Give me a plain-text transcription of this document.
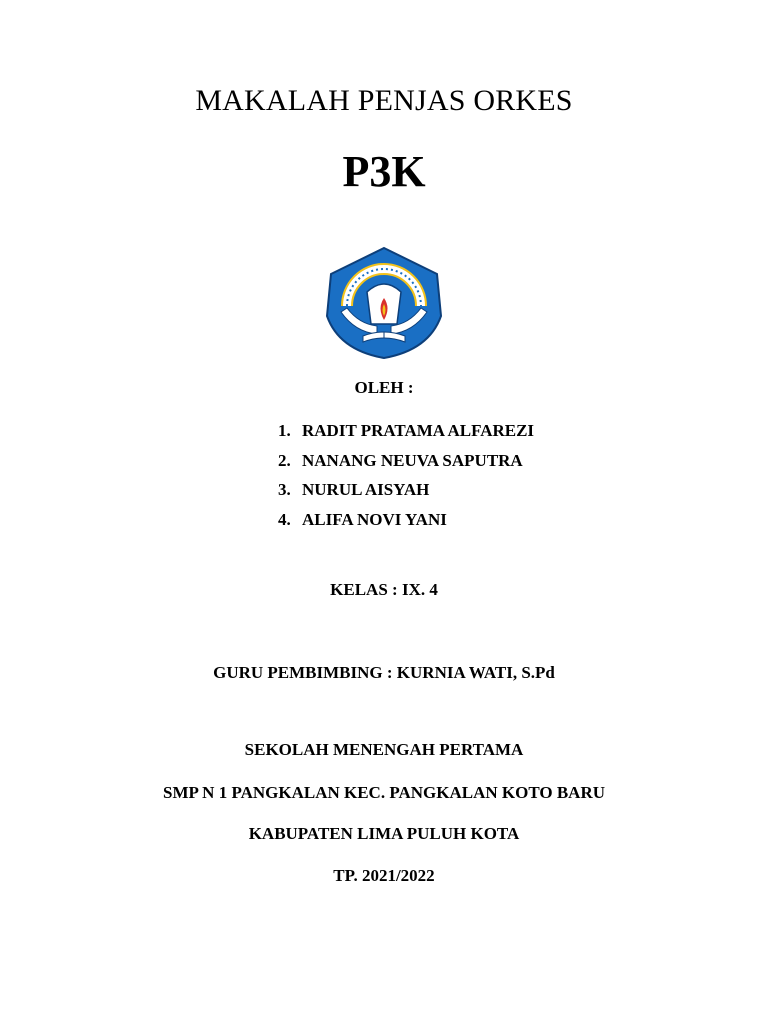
MAKALAH PENJAS ORKES
P3K
OLEH :
1. RADIT PRATAMA ALFAREZI
2. NANANG NEUVA SAPUTRA
3. NURUL AISYAH
4. ALIFA NOVI YANI
KELAS : IX. 4
GURU PEMBIMBING : KURNIA WATI, S.Pd
SEKOLAH MENENGAH PERTAMA
SMP N 1 PANGKALAN KEC. PANGKALAN KOTO BARU
KABUPATEN LIMA PULUH KOTA
TP. 2021/2022
